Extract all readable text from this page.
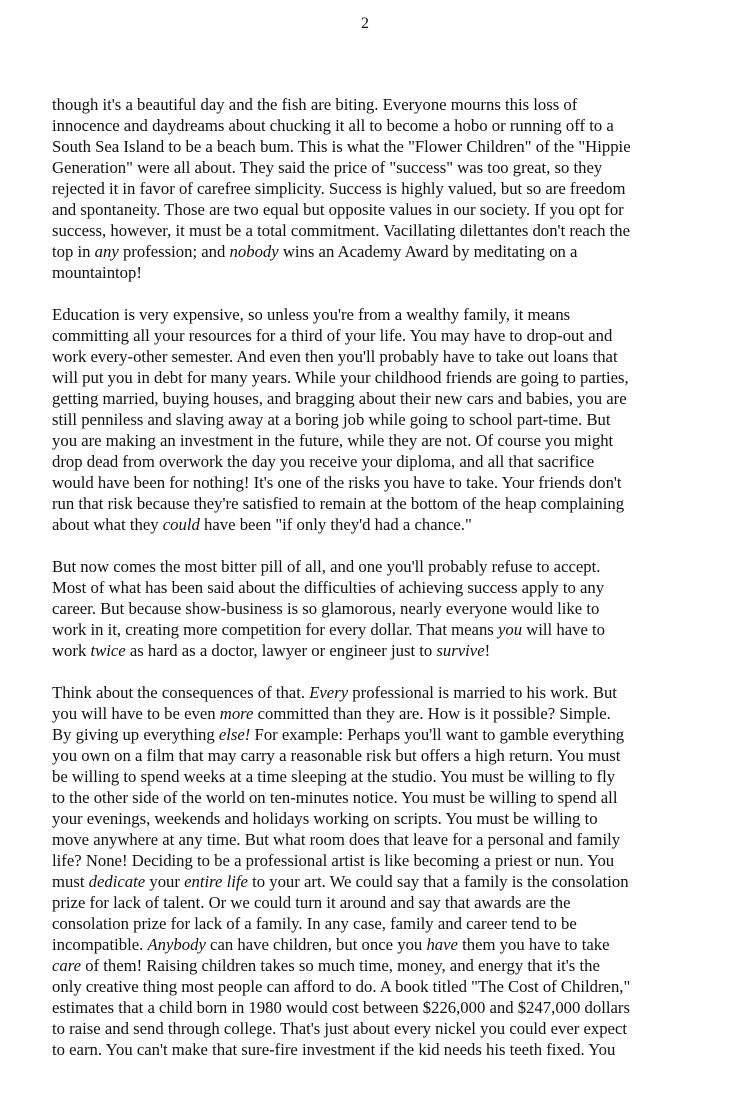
2
though it's a beautiful day and the fish are biting. Everyone mourns this loss of
innocence and daydreams about chucking it all to become a hobo or running off to a
South Sea Island to be a beach bum. This is what the "Flower Children" of the "Hippie
Generation" were all about. They said the price of "success" was too great, so they
rejected it in favor of carefree simplicity. Success is highly valued, but so are freedom
and spontaneity. Those are two equal but opposite values in our society. If you opt for
success, however, it must be a total commitment. Vacillating dilettantes don't reach the
top in any profession; and nobody wins an Academy Award by meditating on a
mountaintop!
Education is very expensive, so unless you're from a wealthy family, it means
committing all your resources for a third of your life. You may have to drop-out and
work every-other semester. And even then you'll probably have to take out loans that
will put you in debt for many years. While your childhood friends are going to parties,
getting married, buying houses, and bragging about their new cars and babies, you are
still penniless and slaving away at a boring job while going to school part-time. But
you are making an investment in the future, while they are not. Of course you might
drop dead from overwork the day you receive your diploma, and all that sacrifice
would have been for nothing! It's one of the risks you have to take. Your friends don't
run that risk because they're satisfied to remain at the bottom of the heap complaining
about what they could have been "if only they'd had a chance."
But now comes the most bitter pill of all, and one you'll probably refuse to accept.
Most of what has been said about the difficulties of achieving success apply to any
career. But because show-business is so glamorous, nearly everyone would like to
work in it, creating more competition for every dollar. That means you will have to
work twice as hard as a doctor, lawyer or engineer just to survive!
Think about the consequences of that. Every professional is married to his work. But
you will have to be even more committed than they are. How is it possible? Simple.
By giving up everything else! For example: Perhaps you'll want to gamble everything
you own on a film that may carry a reasonable risk but offers a high return. You must
be willing to spend weeks at a time sleeping at the studio. You must be willing to fly
to the other side of the world on ten-minutes notice. You must be willing to spend all
your evenings, weekends and holidays working on scripts. You must be willing to
move anywhere at any time. But what room does that leave for a personal and family
life? None! Deciding to be a professional artist is like becoming a priest or nun. You
must dedicate your entire life to your art. We could say that a family is the consolation
prize for lack of talent. Or we could turn it around and say that awards are the
consolation prize for lack of a family. In any case, family and career tend to be
incompatible. Anybody can have children, but once you have them you have to take
care of them! Raising children takes so much time, money, and energy that it's the
only creative thing most people can afford to do. A book titled "The Cost of Children,"
estimates that a child born in 1980 would cost between $226,000 and $247,000 dollars
to raise and send through college. That's just about every nickel you could ever expect
to earn. You can't make that sure-fire investment if the kid needs his teeth fixed. You
